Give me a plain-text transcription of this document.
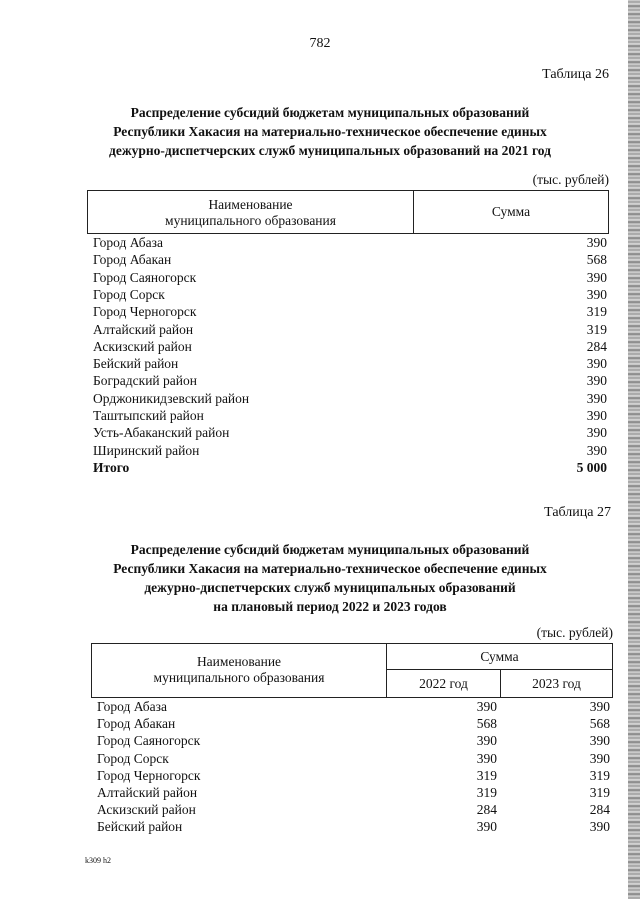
782
Таблица 26
Распределение субсидий бюджетам муниципальных образований
Республики Хакасия на материально-техническое обеспечение единых
дежурно-диспетчерских служб муниципальных образований на 2021 год
(тыс. рублей)
Наименование
муниципального образования
Сумма
Город Абаза	390
Город Абакан	568
Город Саяногорск	390
Город Сорск	390
Город Черногорск	319
Алтайский район	319
Аскизский район	284
Бейский район	390
Боградский район	390
Орджоникидзевский район	390
Таштыпский район	390
Усть-Абаканский район	390
Ширинский район	390
Итого	5 000
Таблица 27
Распределение субсидий бюджетам муниципальных образований
Республики Хакасия на материально-техническое обеспечение единых
дежурно-диспетчерских служб муниципальных образований
на плановый период 2022 и 2023 годов
(тыс. рублей)
Наименование
муниципального образования
Сумма
2022 год	2023 год
Город Абаза	390	390
Город Абакан	568	568
Город Саяногорск	390	390
Город Сорск	390	390
Город Черногорск	319	319
Алтайский район	319	319
Аскизский район	284	284
Бейский район	390	390
k309 h2
